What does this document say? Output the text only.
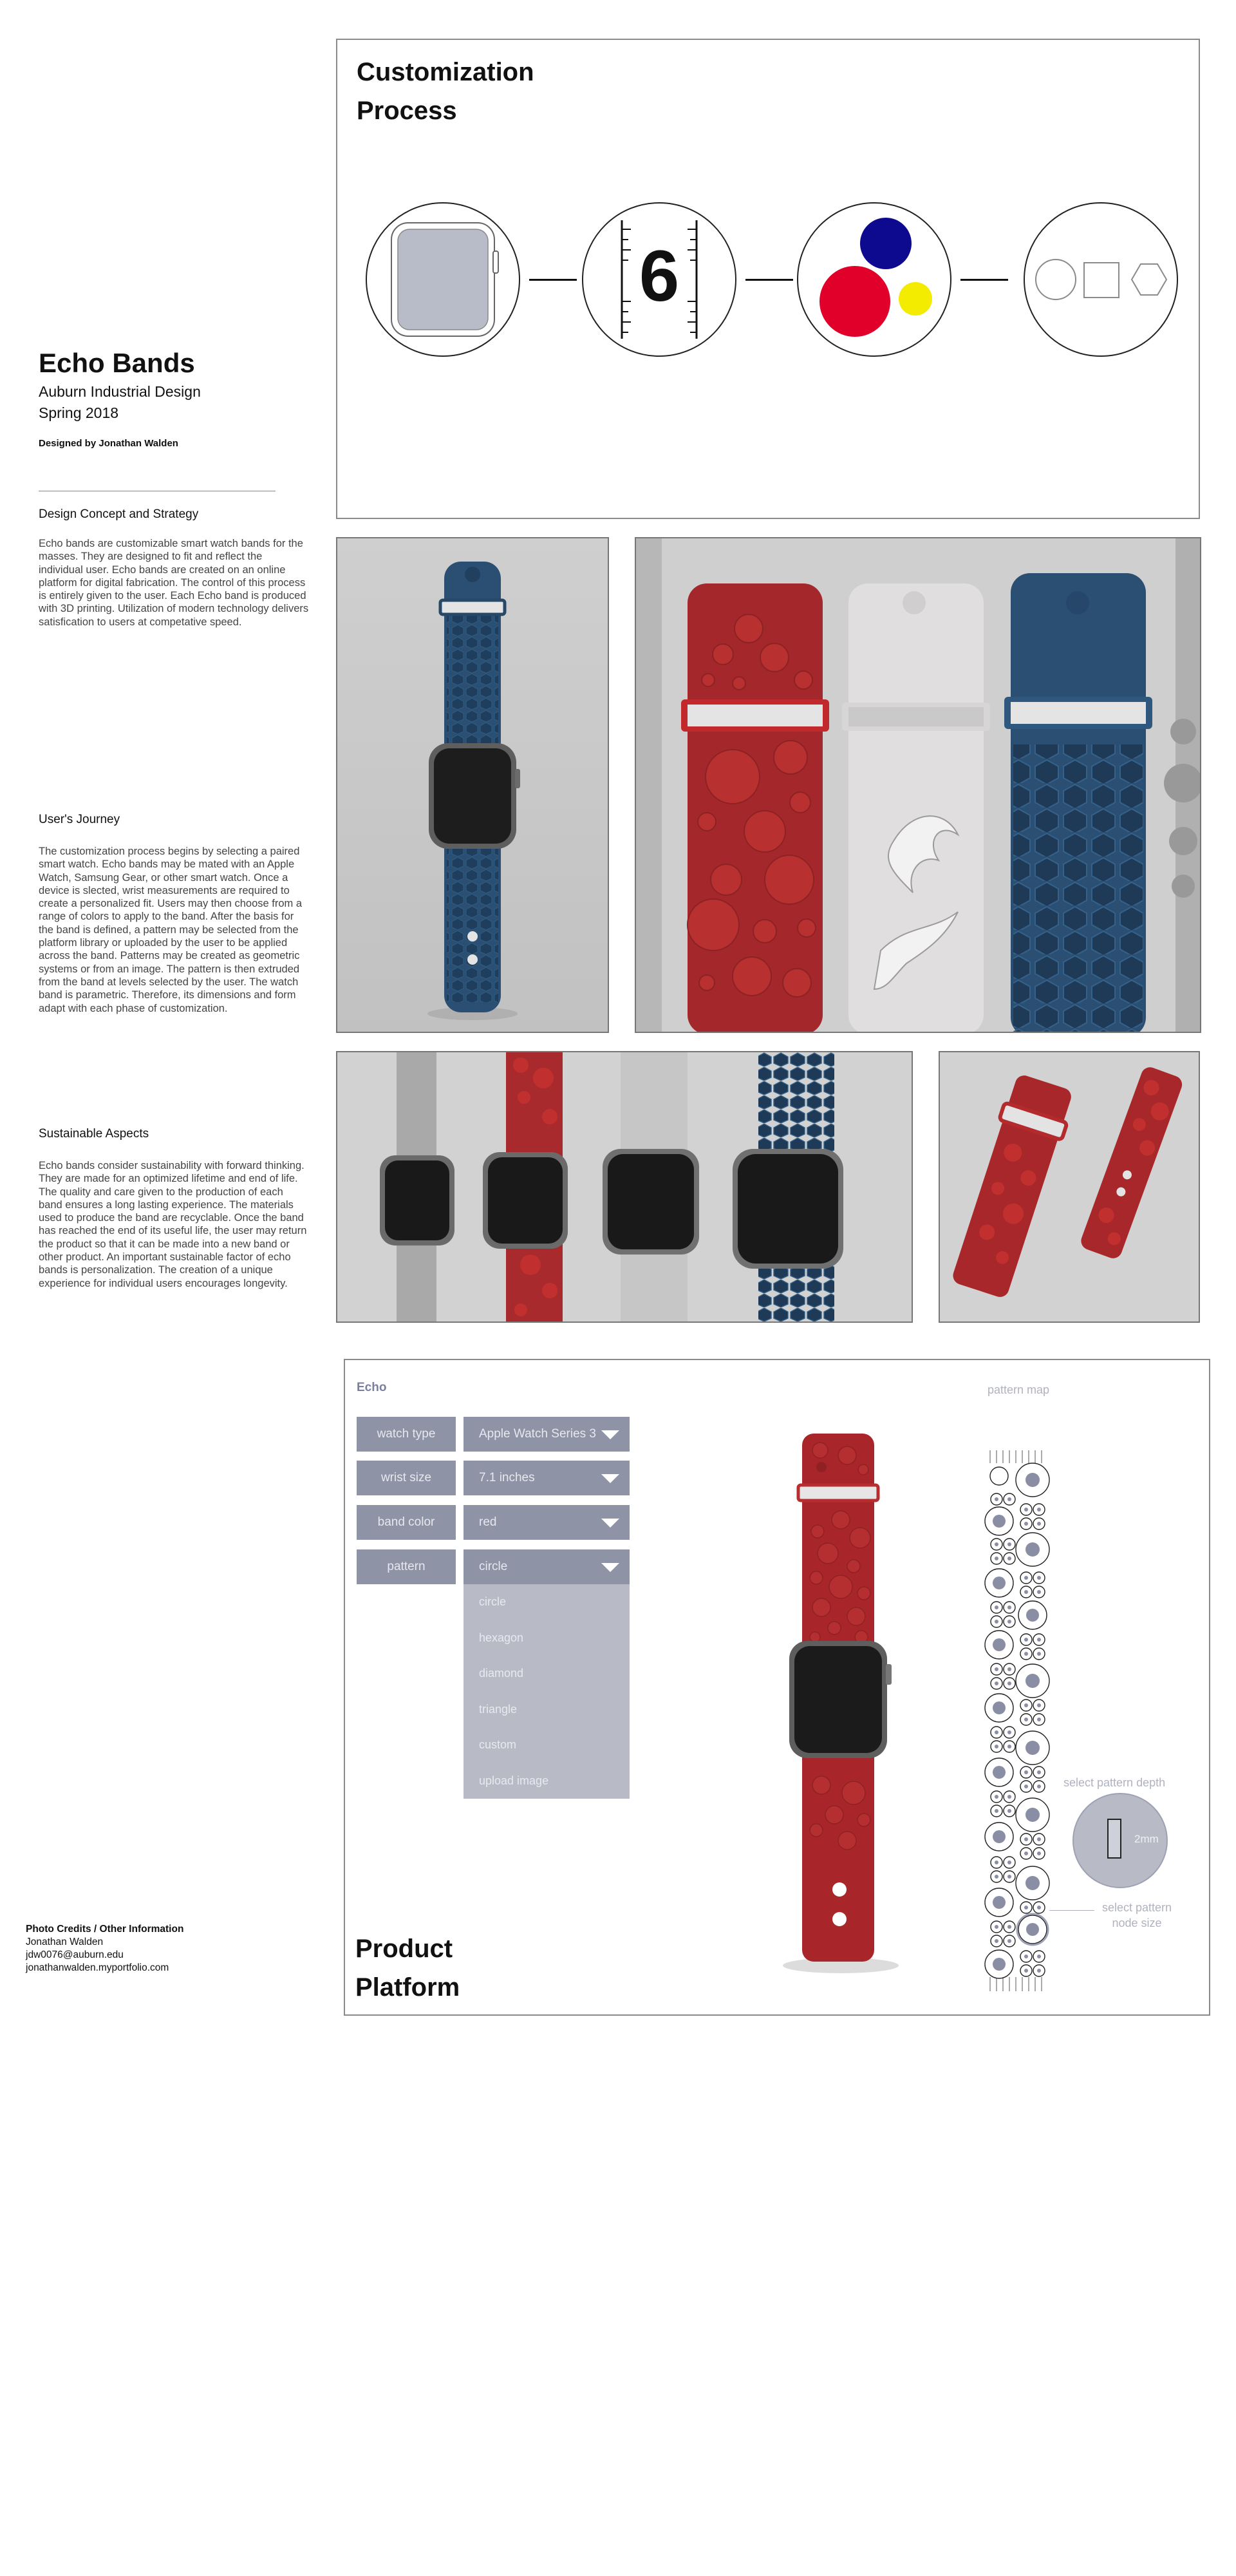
Echo Bands
Auburn Industrial Design
Spring 2018
Designed by Jonathan Walden
Design Concept and Strategy
Echo bands are customizable smart watch bands for the masses. They are designed to fit and reflect the individual user. Echo bands are created on an online platform for digital fabrication. The control of this process is entirely given to the user. Each Echo band is produced with 3D printing. Utilization of modern technology delivers satisfication to users at competative speed.
User's Journey
The customization process begins by selecting a paired smart watch. Echo bands may be mated with an Apple Watch, Samsung Gear, or other smart watch. Once a device is slected, wrist measurements are required to create a personalized fit. Users may then choose from a range of colors to apply to the band. After the basis for the band is defined, a pattern may be selected from the platform library or uploaded by the user to be applied across the band. Patterns may be created as geometric systems or from an image. The pattern is then extruded from the band at levels selected by the user. The watch band is parametric. Therefore, its dimensions and form adapt with each phase of customization.
Sustainable Aspects
Echo bands consider sustainability with forward thinking. They are made for an optimized lifetime and end of life. The quality and care given to the production of each band ensures a long lasting experience. The materials used to produce the band are recyclable. Once the band has reached the end of its useful life, the user may return the product so that it can be made into a new band or other product. An important sustainable factor of echo bands is personalization. The creation of a unique experience for individual users encourages longevity.
Photo Credits / Other Information
Jonathan Walden
jdw0076@auburn.edu
jonathanwalden.myportfolio.com
Customization
Process
6
Echo	pattern map
watch type	Apple Watch Series 3
wrist size	7.1 inches
band color	red
pattern	circle
circle
hexagon
diamond
triangle
custom
upload image	select pattern depth
2mm
select pattern
node size
Product
Platform
